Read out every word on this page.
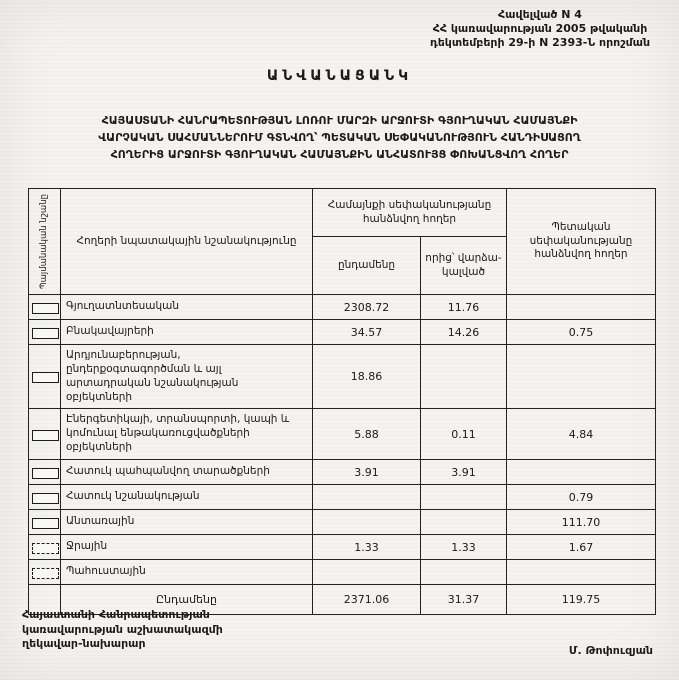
Հավելված N 4
ՀՀ կառավարության 2005 թվականի
դեկտեմբերի 29-ի N 2393-Ն որոշման
ԱՆՎԱՆԱՑԱՆԿ
ՀԱՅԱՍՏԱՆԻ ՀԱՆՐԱՊԵՏՈՒԹՅԱՆ ԼՈՌՈՒ ՄԱՐԶԻ ԱՐՋՈՒՏԻ ԳՅՈՒՂԱԿԱՆ ՀԱՄԱՅՆՔԻ
ՎԱՐՉԱԿԱՆ ՍԱՀՄԱՆՆԵՐՈՒՄ ԳՏՆՎՈՂ՝ ՊԵՏԱԿԱՆ ՍԵՓԱԿԱՆՈՒԹՅՈՒՆ ՀԱՆԴԻՍԱՑՈՂ
ՀՈՂԵՐԻՑ ԱՐՋՈՒՏԻ ԳՅՈՒՂԱԿԱՆ ՀԱՄԱՅՆՔԻՆ ԱՆՀԱՏՈՒՅՑ ՓՈԽԱՆՑՎՈՂ ՀՈՂԵՐ
Պայմանական նշանը	Հողերի նպատակային նշանակությունը	Համայնքի սեփականությանը հանձնվող հողեր		Պետական սեփականությանը հանձնվող հողեր
		ընդամենը	որից՝ վարձա- կալված	
	Գյուղատնտեսական	2308.72	11.76	
	Բնակավայրերի	34.57	14.26	0.75
	Արդյունաբերության, ընդերքօգտագործման և այլ արտադրական նշանակության օբյեկտների	18.86		
	Էներգետիկայի, տրանսպորտի, կապի և կոմունալ ենթակառուցվածքների օբյեկտների	5.88	0.11	4.84
	Հատուկ պահպանվող տարածքների	3.91	3.91	
	Հատուկ նշանակության			0.79
	Անտառային			111.70
	Ջրային	1.33	1.33	1.67
	Պահուստային			
	Ընդամենը	2371.06	31.37	119.75
Հայաստանի Հանրապետության
կառավարության աշխատակազմի
ղեկավար-նախարար
Մ. Թոփուզյան
